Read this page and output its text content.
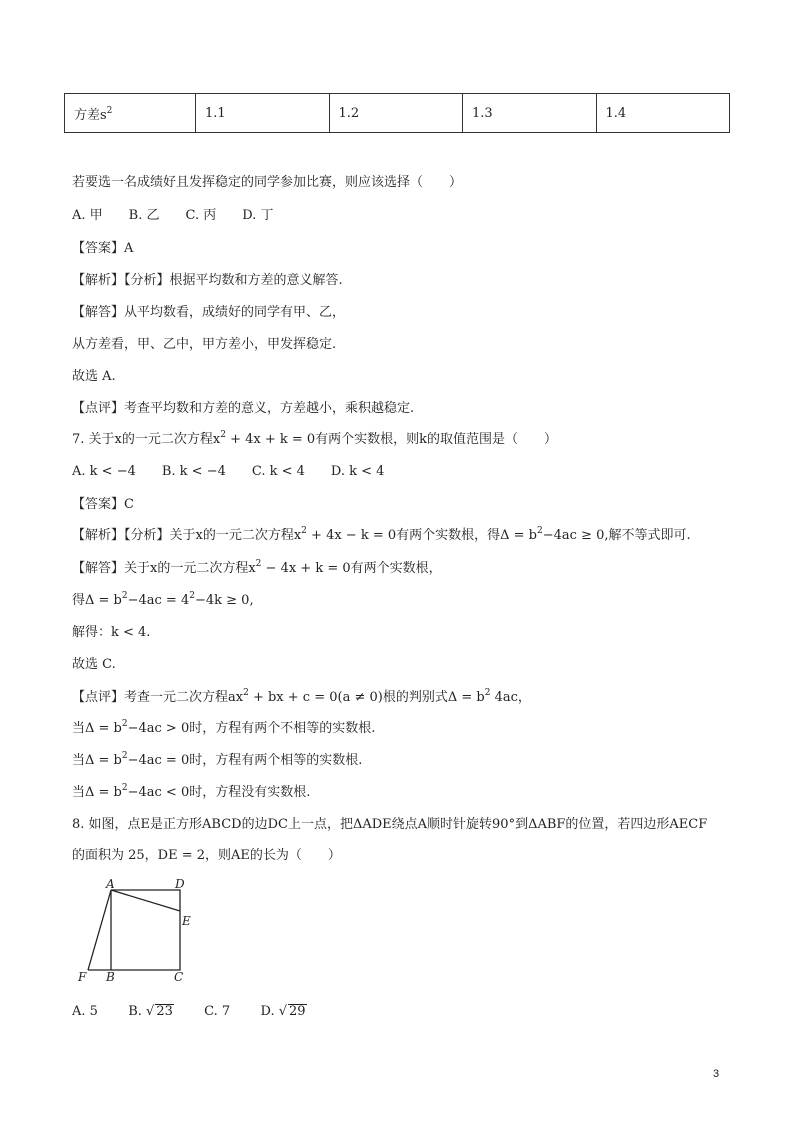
方差$s^2$	1.1	1.2	1.3	1.4
若要选一名成绩好且发挥稳定的同学参加比赛，则应该选择（　　）
A. 甲　　B. 乙　　C. 丙　　D. 丁
【答案】A
【解析】【分析】根据平均数和方差的意义解答.
【解答】从平均数看，成绩好的同学有甲、乙，
从方差看，甲、乙中，甲方差小，甲发挥稳定.
故选 A.
【点评】考查平均数和方差的意义，方差越小，乘积越稳定.
7. 关于x的一元二次方程$x^2 + 4x + k = 0$有两个实数根，则k的取值范围是（　　）
A. k < −4　　B. k < −4　　C. k < 4　　D. k < 4
【答案】C
【解析】【分析】关于x的一元二次方程$x^2 + 4x - k = 0$有两个实数根，得$\Delta = b^2-4ac \ge 0$,解不等式即可.
【解答】关于x的一元二次方程$x^2 - 4x + k = 0$有两个实数根，
得$\Delta = b^2-4ac = 4^2-4k \ge 0$,
解得：k < 4.
故选 C.
【点评】考查一元二次方程$ax^2$ + bx + c = 0(a ≠ 0)根的判别式$\Delta = b^2$ 4ac，
当$\Delta = b^2-4ac > 0$时，方程有两个不相等的实数根.
当$\Delta = b^2-4ac = 0$时，方程有两个相等的实数根.
当$\Delta = b^2-4ac < 0$时，方程没有实数根.
8. 如图，点E是正方形ABCD的边DC上一点，把ΔADE绕点A顺时针旋转90°到ΔABF的位置，若四边形AECF
的面积为 25，DE = 2，则AE的长为（　　）
A	D
E
F B	C
A. 5 B. √ 23 C. 7 D. √ 29
3
